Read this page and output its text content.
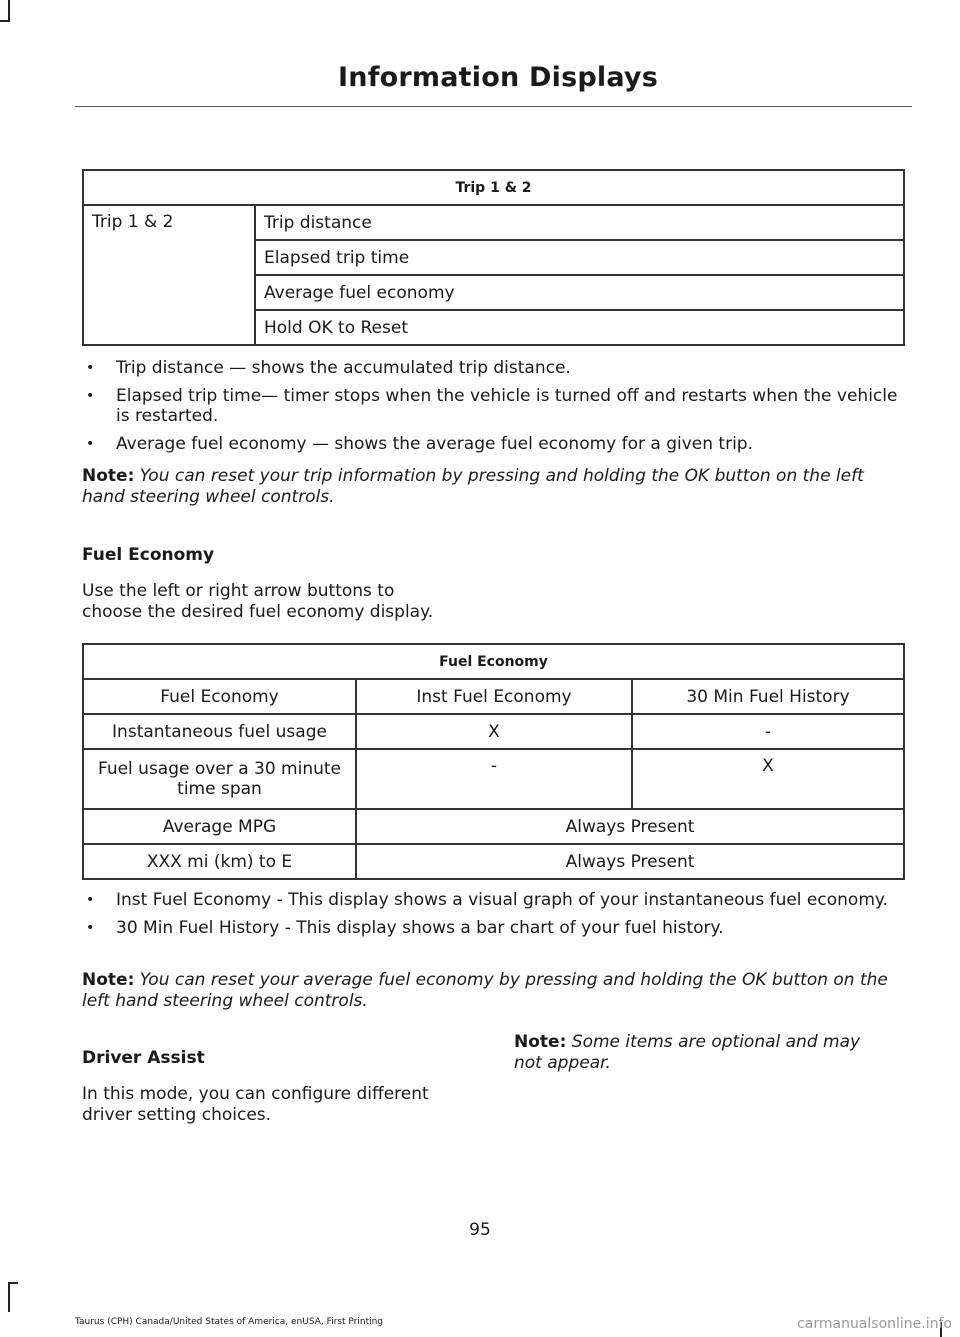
Information Displays
Trip 1 & 2
Trip 1 & 2	Trip distance
Elapsed trip time
Average fuel economy
Hold OK to Reset
• Trip distance — shows the accumulated trip distance.
• Elapsed trip time— timer stops when the vehicle is turned off and restarts when the vehicle is restarted.
• Average fuel economy — shows the average fuel economy for a given trip.
Note: You can reset your trip information by pressing and holding the OK button on the left hand steering wheel controls.
Fuel Economy
Use the left or right arrow buttons to
choose the desired fuel economy display.
Fuel Economy		
Fuel Economy	Inst Fuel Economy	30 Min Fuel History
Instantaneous fuel usage	X	-
Fuel usage over a 30 minute time span	-	X
Average MPG	Always Present	
XXX mi (km) to E	Always Present	
• Inst Fuel Economy - This display shows a visual graph of your instantaneous fuel economy.
• 30 Min Fuel History - This display shows a bar chart of your fuel history.
Note: You can reset your average fuel economy by pressing and holding the OK button on the left hand steering wheel controls.
Driver Assist
In this mode, you can configure different
driver setting choices.
Note: Some items are optional and may
not appear.
95
Taurus (CPH) Canada/United States of America, enUSA, First Printing	carmanualsonline.info
